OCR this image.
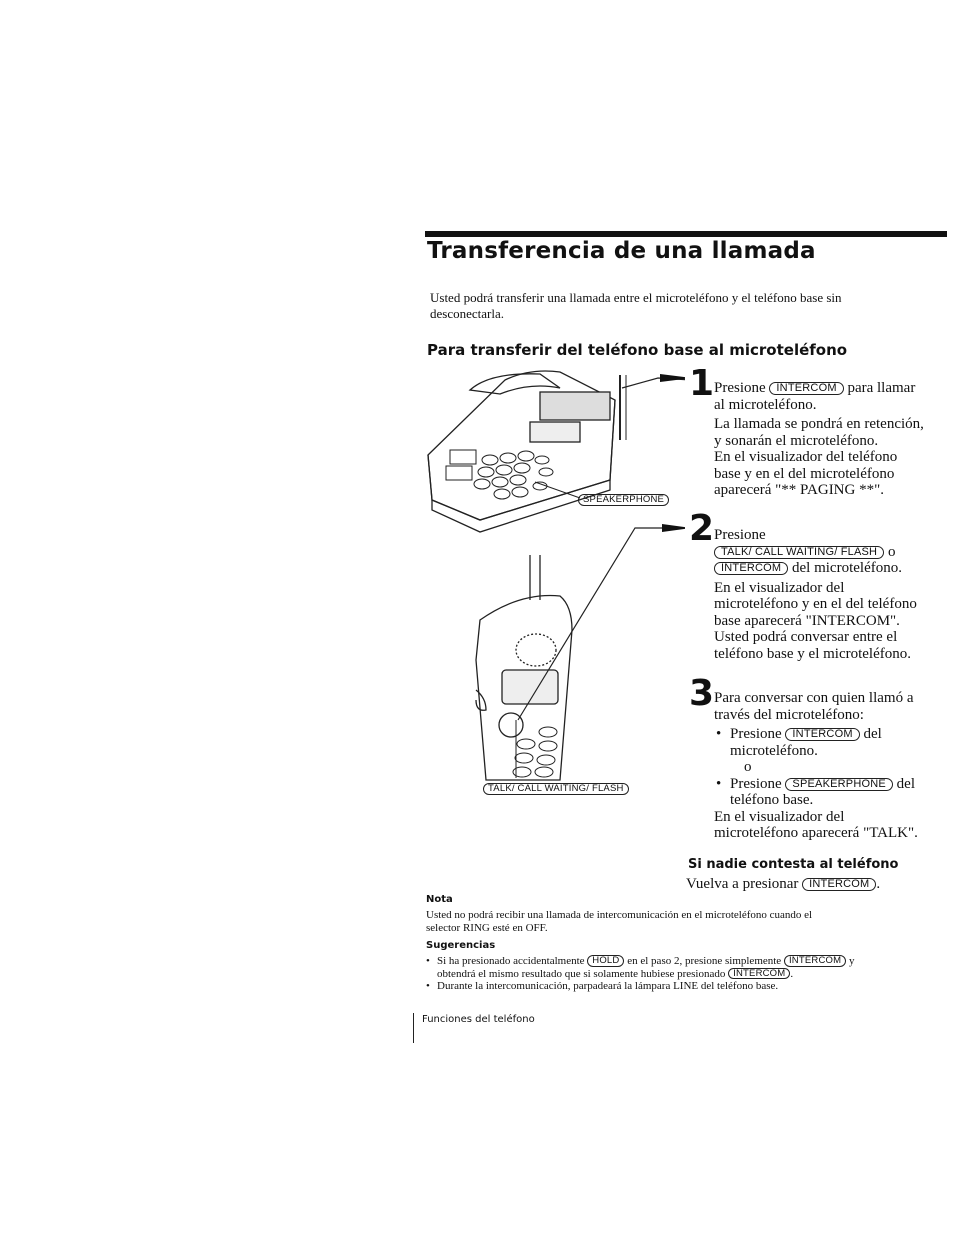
Transferencia de una llamada
Usted podrá transferir una llamada entre el microteléfono y el teléfono base sin desconectarla.
Para transferir del teléfono base al microteléfono
SPEAKERPHONE
TALK/ CALL WAITING/ FLASH
1 Presione INTERCOM para llamar al microteléfono.

La llamada se pondrá en retención, y sonarán el microteléfono.

En el visualizador del teléfono base y en el del microteléfono aparecerá "** PAGING **".

2 Presione

TALK/ CALL WAITING/ FLASH o

INTERCOM del microteléfono.

En el visualizador del microteléfono y en el del teléfono base aparecerá "INTERCOM".

Usted podrá conversar entre el teléfono base y el microteléfono.

3 Para conversar con quien llamó a través del microteléfono:

• Presione INTERCOM del microteléfono.

o

• Presione SPEAKERPHONE del teléfono base.

En el visualizador del microteléfono aparecerá "TALK".

Si nadie contesta al teléfono
Vuelva a presionar INTERCOM .
Nota
Usted no podrá recibir una llamada de intercomunicación en el microteléfono cuando el selector RING esté en OFF.
Sugerencias
• Si ha presionado accidentalmente HOLD en el paso 2, presione simplemente INTERCOM y obtendrá el mismo resultado que si solamente hubiese presionado INTERCOM .
• Durante la intercomunicación, parpadeará la lámpara LINE del teléfono base.
Funciones del teléfono
